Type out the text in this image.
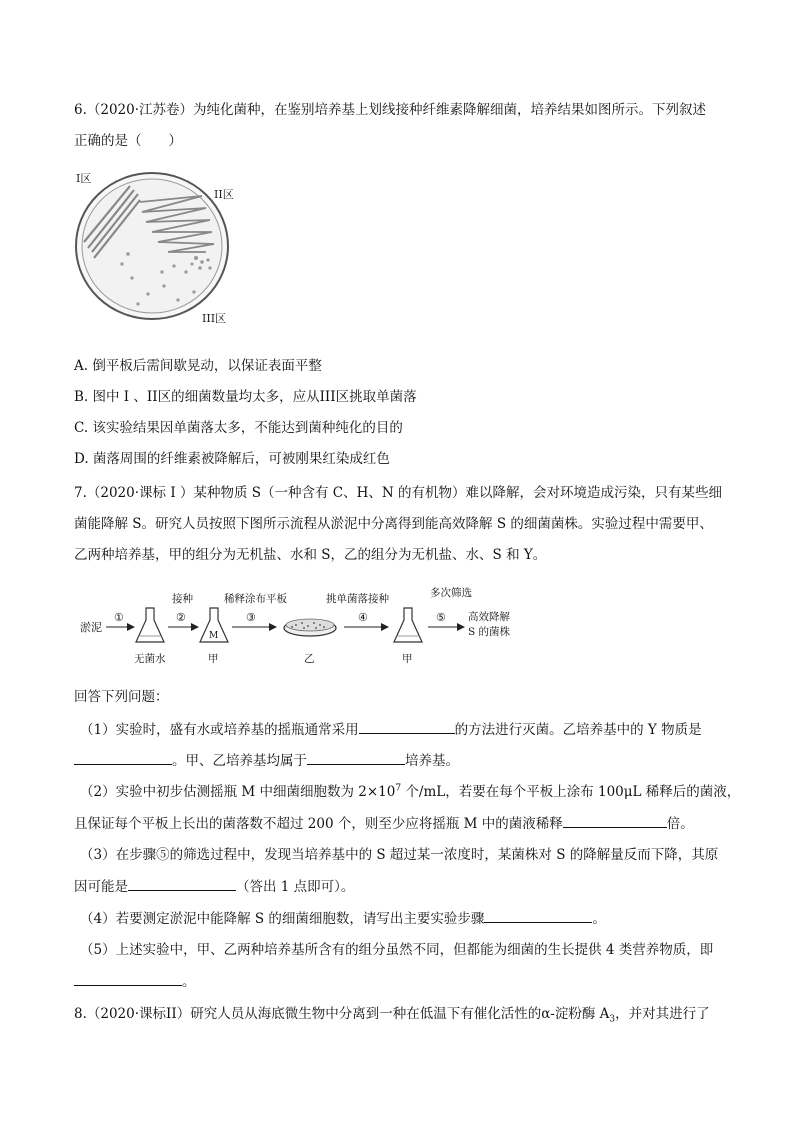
6.（2020·江苏卷）为纯化菌种，在鉴别培养基上划线接种纤维素降解细菌，培养结果如图所示。下列叙述
正确的是（　　）
I区
II区
III区
A. 倒平板后需间歇晃动，以保证表面平整
B. 图中 I 、II区的细菌数量均太多，应从III区挑取单菌落
C. 该实验结果因单菌落太多，不能达到菌种纯化的目的
D. 菌落周围的纤维素被降解后，可被刚果红染成红色
7.（2020·课标 I ）某种物质 S（一种含有 C、H、N 的有机物）难以降解，会对环境造成污染，只有某些细
菌能降解 S。研究人员按照下图所示流程从淤泥中分离得到能高效降解 S 的细菌菌株。实验过程中需要甲、
乙两种培养基，甲的组分为无机盐、水和 S，乙的组分为无机盐、水、S 和 Y。
淤泥
①
无菌水
接种
②
M
甲
稀释涂布平板
③
乙
挑单菌落接种
④
甲
多次筛选
⑤ 高效降解
S 的菌株
回答下列问题：
（1）实验时，盛有水或培养基的摇瓶通常采用	的方法进行灭菌。乙培养基中的 Y 物质是
。甲、乙培养基均属于	培养基。
（2）实验中初步估测摇瓶 M 中细菌细胞数为 $2\times 10^7$ 个/mL，若要在每个平板上涂布 100μL 稀释后的菌液，
且保证每个平板上长出的菌落数不超过 200 个，则至少应将摇瓶 M 中的菌液稀释	倍。
（3）在步骤⑤的筛选过程中，发现当培养基中的 S 超过某一浓度时，某菌株对 S 的降解量反而下降，其原
因可能是	（答出 1 点即可）。
（4）若要测定淤泥中能降解 S 的细菌细胞数，请写出主要实验步骤	。
（5）上述实验中，甲、乙两种培养基所含有的组分虽然不同，但都能为细菌的生长提供 4 类营养物质，即
。
8.（2020·课标II）研究人员从海底微生物中分离到一种在低温下有催化活性的α-淀粉酶 $A_3$，并对其进行了
